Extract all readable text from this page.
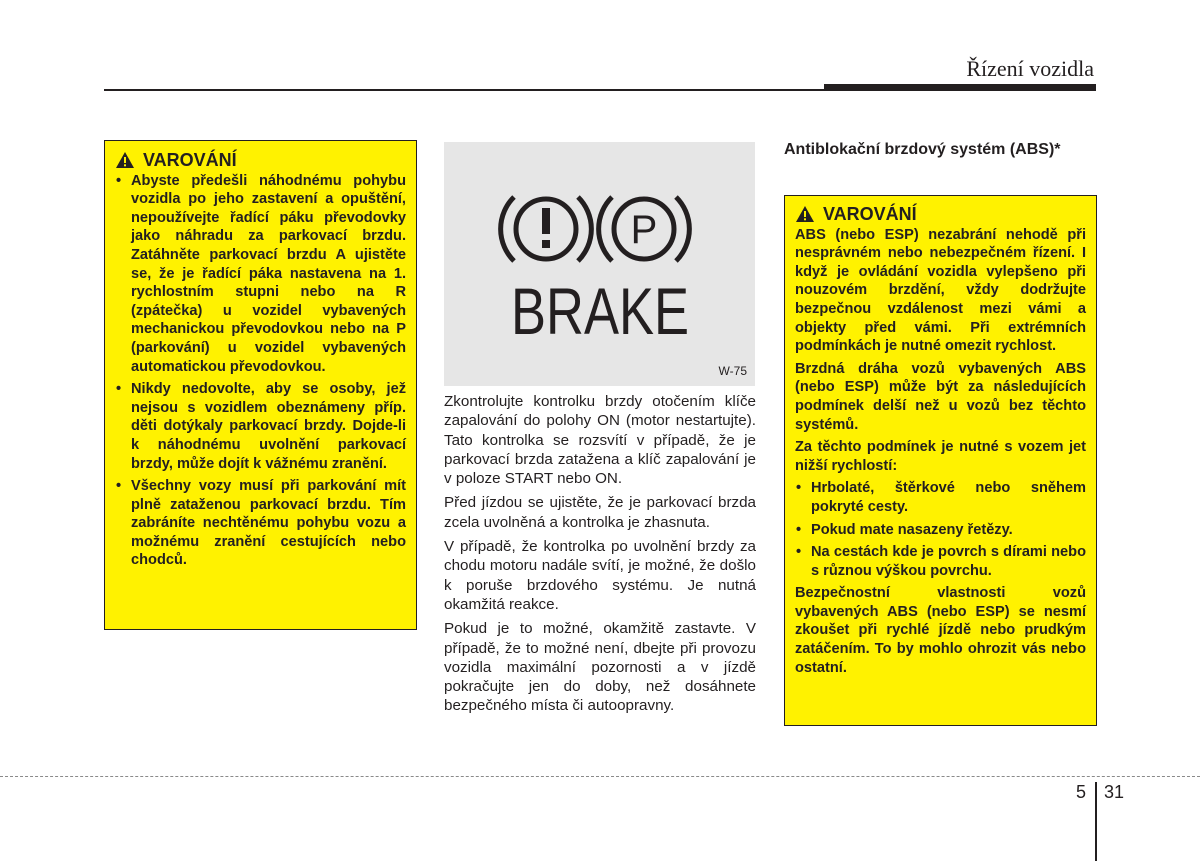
Řízení vozidla
VAROVÁNÍ
• Abyste předešli náhodnému pohybu vozidla po jeho zastavení a opuštění, nepoužívejte řadící páku převodovky jako náhradu za parkovací brzdu. Zatáhněte parkovací brzdu A ujistěte se, že je řadící páka nastavena na 1. rychlostním stupni nebo na R (zpátečka) u vozidel vybavených mechanickou převodovkou nebo na P (parkování) u vozidel vybavených automatickou převodovkou.
• Nikdy nedovolte, aby se osoby, jež nejsou s vozidlem obeznámeny příp. děti dotýkaly parkovací brzdy. Dojde-li k náhodnému uvolnění parkovací brzdy, může dojít k vážnému zranění.
• Všechny vozy musí při parkování mít plně zataženou parkovací brzdu. Tím zabráníte nechtěnému pohybu vozu a možnému zranění cestujících nebo chodců.
P
BRAKE
W-75

Zkontrolujte kontrolku brzdy otočením klíče zapalování do polohy ON (motor nestartujte). Tato kontrolka se rozsvítí v případě, že je parkovací brzda zatažena a klíč zapalování je v poloze START nebo ON.

Před jízdou se ujistěte, že je parkovací brzda zcela uvolněná a kontrolka je zhasnuta.

V případě, že kontrolka po uvolnění brzdy za chodu motoru nadále svítí, je možné, že došlo k poruše brzdového systému. Je nutná okamžitá reakce.

Pokud je to možné, okamžitě zastavte. V případě, že to možné není, dbejte při provozu vozidla maximální pozornosti a v jízdě pokračujte jen do doby, než dosáhnete bezpečného místa či autoopravny.

Antiblokační brzdový systém (ABS)*
VAROVÁNÍ

ABS (nebo ESP) nezabrání nehodě při nesprávném nebo nebezpečném řízení. I když je ovládání vozidla vylepšeno při nouzovém brzdění, vždy dodržujte bezpečnou vzdálenost mezi vámi a objekty před vámi. Při extrémních podmínkách je nutné omezit rychlost.

Brzdná dráha vozů vybavených ABS (nebo ESP) může být za následujících podmínek delší než u vozů bez těchto systémů.

Za těchto podmínek je nutné s vozem jet nižší rychlostí:

• Hrbolaté, štěrkové nebo sněhem pokryté cesty.
• Pokud mate nasazeny řetězy.
• Na cestách kde je povrch s dírami nebo s různou výškou povrchu.

Bezpečnostní vlastnosti vozů vybavených ABS (nebo ESP) se nesmí zkoušet při rychlé jízdě nebo prudkým zatáčením. To by mohlo ohrozit vás nebo ostatní.

5 31
